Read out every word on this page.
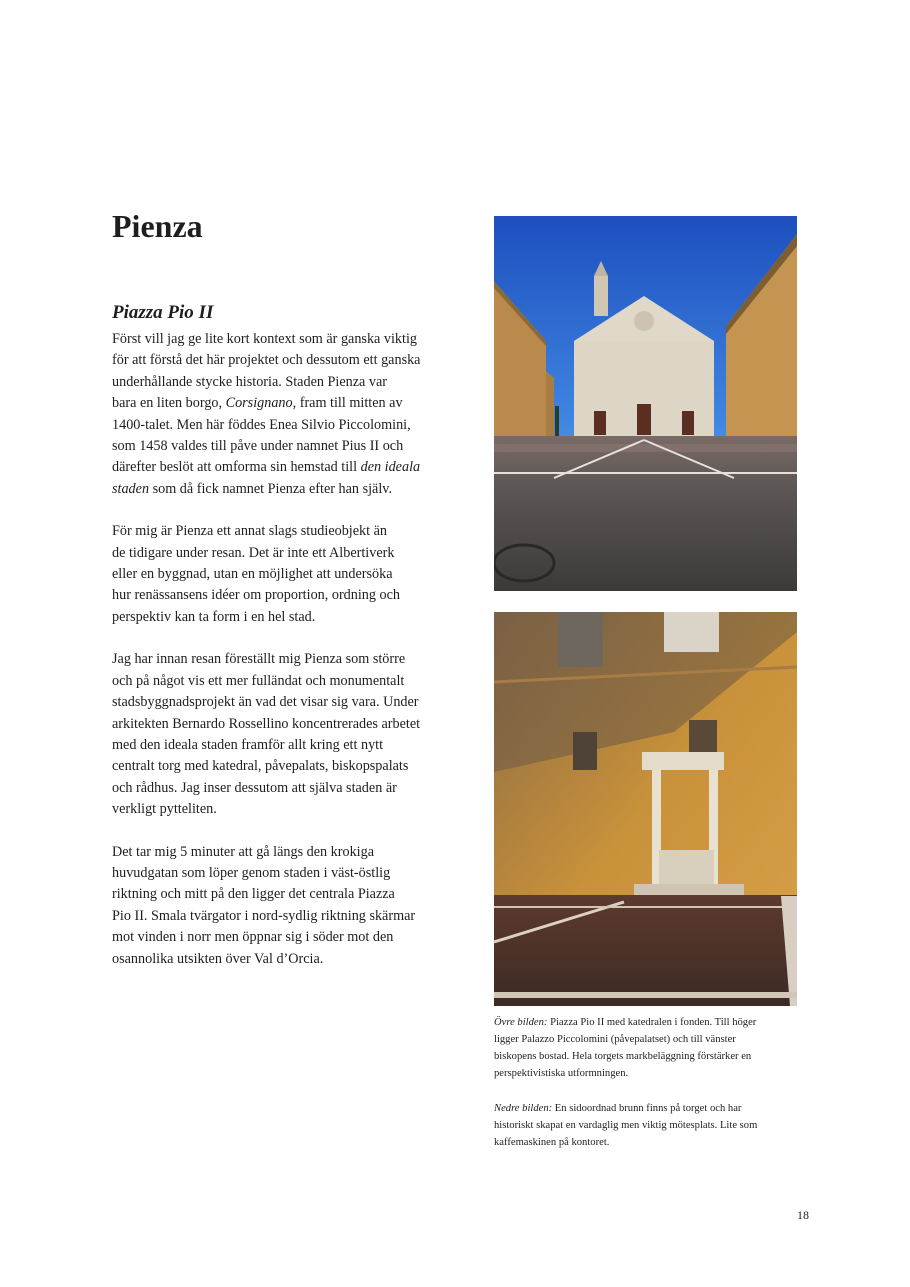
Pienza
Piazza Pio II

Först vill jag ge lite kort kontext som är ganska viktig
för att förstå det här projektet och dessutom ett ganska
underhållande stycke historia. Staden Pienza var
bara en liten borgo, Corsignano, fram till mitten av
1400-talet. Men här föddes Enea Silvio Piccolomini,
som 1458 valdes till påve under namnet Pius II och
därefter beslöt att omforma sin hemstad till den ideala
staden som då fick namnet Pienza efter han själv.

För mig är Pienza ett annat slags studieobjekt än
de tidigare under resan. Det är inte ett Albertiverk
eller en byggnad, utan en möjlighet att undersöka
hur renässansens idéer om proportion, ordning och
perspektiv kan ta form i en hel stad.

Jag har innan resan föreställt mig Pienza som större
och på något vis ett mer fulländat och monumentalt
stadsbyggnadsprojekt än vad det visar sig vara. Under
arkitekten Bernardo Rossellino koncentrerades arbetet
med den ideala staden framför allt kring ett nytt
centralt torg med katedral, påvepalats, biskopspalats
och rådhus. Jag inser dessutom att själva staden är
verkligt pytteliten.

Det tar mig 5 minuter att gå längs den krokiga
huvudgatan som löper genom staden i väst-östlig
riktning och mitt på den ligger det centrala Piazza
Pio II. Smala tvärgator i nord-sydlig riktning skärmar
mot vinden i norr men öppnar sig i söder mot den
osannolika utsikten över Val d’Orcia.

Övre bilden: Piazza Pio II med katedralen i fonden. Till höger
ligger Palazzo Piccolomini (påvepalatset) och till vänster
biskopens bostad. Hela torgets markbeläggning förstärker en
perspektivistiska utformningen.
Nedre bilden: En sidoordnad brunn finns på torget och har
historiskt skapat en vardaglig men viktig mötesplats. Lite som
kaffemaskinen på kontoret.
18
